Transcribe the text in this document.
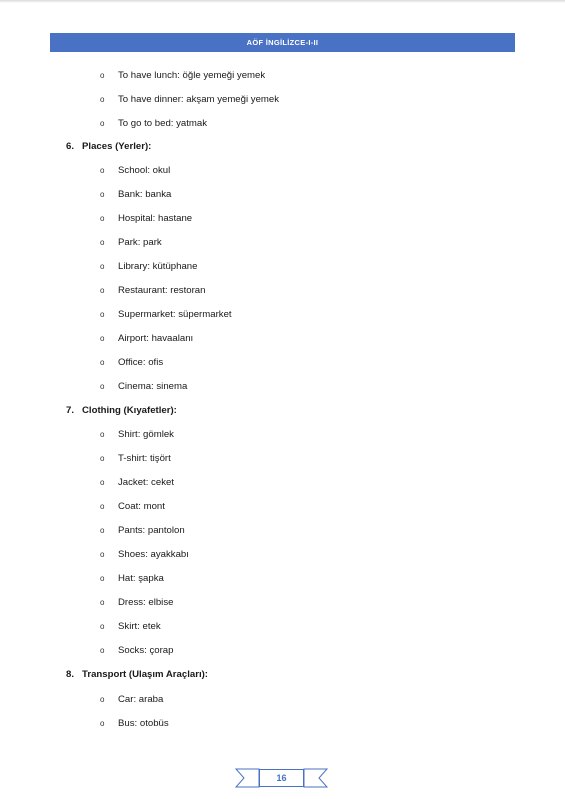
AÖF İNGİLİZCE-I-II
o To have lunch: öğle yemeği yemek
o To have dinner: akşam yemeği yemek
o To go to bed: yatmak
6. Places (Yerler):
o School: okul
o Bank: banka
o Hospital: hastane
o Park: park
o Library: kütüphane
o Restaurant: restoran
o Supermarket: süpermarket
o Airport: havaalanı
o Office: ofis
o Cinema: sinema
7. Clothing (Kıyafetler):
o Shirt: gömlek
o T-shirt: tişört
o Jacket: ceket
o Coat: mont
o Pants: pantolon
o Shoes: ayakkabı
o Hat: şapka
o Dress: elbise
o Skirt: etek
o Socks: çorap
8. Transport (Ulaşım Araçları):
o Car: araba
o Bus: otobüs
16
